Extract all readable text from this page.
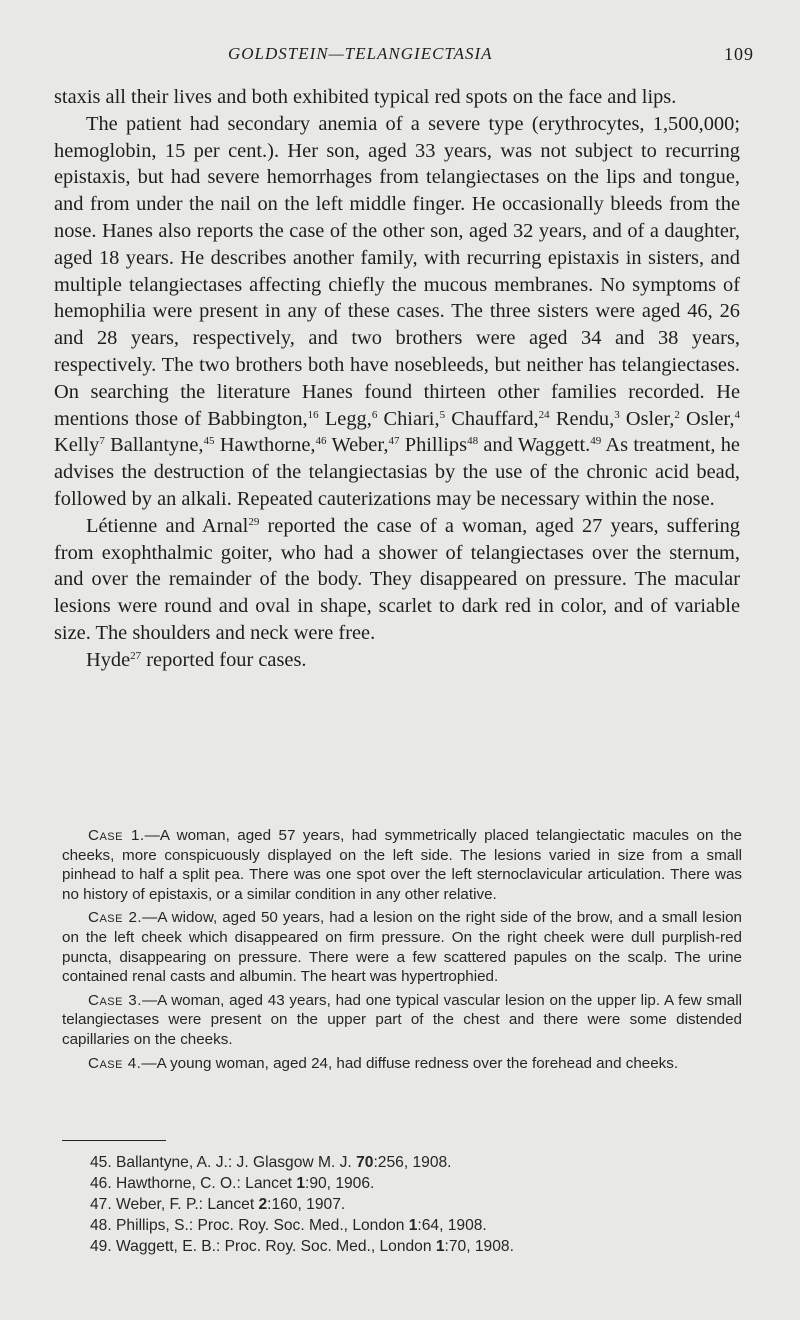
GOLDSTEIN—TELANGIECTASIA	109

staxis all their lives and both exhibited typical red spots on the face and lips.

The patient had secondary anemia of a severe type (erythrocytes, 1,500,000; hemoglobin, 15 per cent.). Her son, aged 33 years, was not subject to recurring epistaxis, but had severe hemorrhages from telangiectases on the lips and tongue, and from under the nail on the left middle finger. He occasionally bleeds from the nose. Hanes also reports the case of the other son, aged 32 years, and of a daughter, aged 18 years. He describes another family, with recurring epistaxis in sisters, and multiple telangiectases affecting chiefly the mucous membranes. No symptoms of hemophilia were present in any of these cases. The three sisters were aged 46, 26 and 28 years, respectively, and two brothers were aged 34 and 38 years, respectively. The two brothers both have nosebleeds, but neither has telangiectases. On searching the literature Hanes found thirteen other families recorded. He mentions those of Babbington,$^{16}$ Legg,$^6$ Chiari,$^5$ Chauffard,$^{24}$ Rendu,$^3$ Osler,$^2$ Osler,$^4$ Kelly$^7$ Ballantyne,$^{45}$ Hawthorne,$^{46}$ Weber,$^{47}$ Phillips$^{48}$ and Waggett.$^{49}$ As treatment, he advises the destruction of the telangiectasias by the use of the chronic acid bead, followed by an alkali. Repeated cauterizations may be necessary within the nose.

Létienne and Arnal$^{29}$ reported the case of a woman, aged 27 years, suffering from exophthalmic goiter, who had a shower of telangiectases over the sternum, and over the remainder of the body. They disappeared on pressure. The macular lesions were round and oval in shape, scarlet to dark red in color, and of variable size. The shoulders and neck were free.

Hyde$^{27}$ reported four cases.

Case 1.—A woman, aged 57 years, had symmetrically placed telangiectatic macules on the cheeks, more conspicuously displayed on the left side. The lesions varied in size from a small pinhead to half a split pea. There was one spot over the left sternoclavicular articulation. There was no history of epistaxis, or a similar condition in any other relative.

Case 2.—A widow, aged 50 years, had a lesion on the right side of the brow, and a small lesion on the left cheek which disappeared on firm pressure. On the right cheek were dull purplish-red puncta, disappearing on pressure. There were a few scattered papules on the scalp. The urine contained renal casts and albumin. The heart was hypertrophied.

Case 3.—A woman, aged 43 years, had one typical vascular lesion on the upper lip. A few small telangiectases were present on the upper part of the chest and there were some distended capillaries on the cheeks.

Case 4.—A young woman, aged 24, had diffuse redness over the forehead and cheeks.

45. Ballantyne, A. J.: J. Glasgow M. J. 70:256, 1908.
46. Hawthorne, C. O.: Lancet 1:90, 1906.
47. Weber, F. P.: Lancet 2:160, 1907.
48. Phillips, S.: Proc. Roy. Soc. Med., London 1:64, 1908.
49. Waggett, E. B.: Proc. Roy. Soc. Med., London 1:70, 1908.
